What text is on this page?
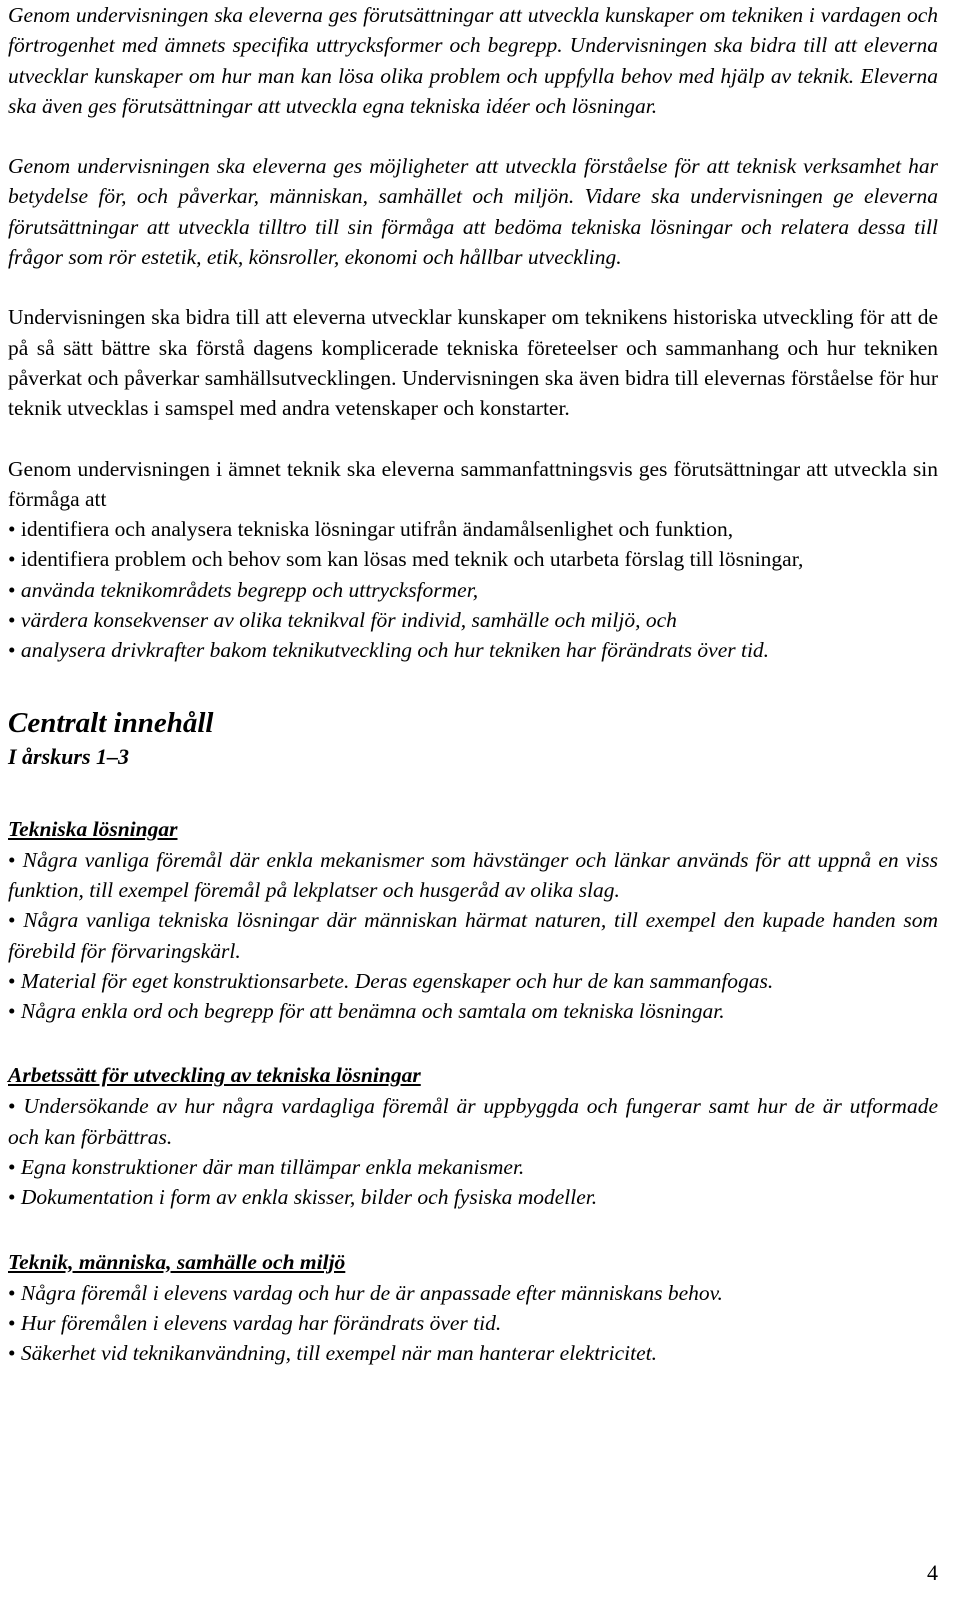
Genom undervisningen ska eleverna ges förutsättningar att utveckla kunskaper om tekniken i vardagen och förtrogenhet med ämnets specifika uttrycksformer och begrepp. Undervisningen ska bidra till att eleverna utvecklar kunskaper om hur man kan lösa olika problem och uppfylla behov med hjälp av teknik. Eleverna ska även ges förutsättningar att utveckla egna tekniska idéer och lösningar.

Genom undervisningen ska eleverna ges möjligheter att utveckla förståelse för att teknisk verksamhet har betydelse för, och påverkar, människan, samhället och miljön. Vidare ska undervisningen ge eleverna förutsättningar att utveckla tilltro till sin förmåga att bedöma tekniska lösningar och relatera dessa till frågor som rör estetik, etik, könsroller, ekonomi och hållbar utveckling.

Undervisningen ska bidra till att eleverna utvecklar kunskaper om teknikens historiska utveckling för att de på så sätt bättre ska förstå dagens komplicerade tekniska företeelser och sammanhang och hur tekniken påverkat och påverkar samhällsutvecklingen. Undervisningen ska även bidra till elevernas förståelse för hur teknik utvecklas i samspel med andra vetenskaper och konstarter.

Genom undervisningen i ämnet teknik ska eleverna sammanfattningsvis ges förutsättningar att utveckla sin förmåga att

• identifiera och analysera tekniska lösningar utifrån ändamålsenlighet och funktion,
• identifiera problem och behov som kan lösas med teknik och utarbeta förslag till lösningar,
• använda teknikområdets begrepp och uttrycksformer,
• värdera konsekvenser av olika teknikval för individ, samhälle och miljö, och
• analysera drivkrafter bakom teknikutveckling och hur tekniken har förändrats över tid.
Centralt innehåll
I årskurs 1–3
Tekniska lösningar
• Några vanliga föremål där enkla mekanismer som hävstänger och länkar används för att uppnå en viss funktion, till exempel föremål på lekplatser och husgeråd av olika slag.
• Några vanliga tekniska lösningar där människan härmat naturen, till exempel den kupade handen som förebild för förvaringskärl.
• Material för eget konstruktionsarbete. Deras egenskaper och hur de kan sammanfogas.
• Några enkla ord och begrepp för att benämna och samtala om tekniska lösningar.
Arbetssätt för utveckling av tekniska lösningar
• Undersökande av hur några vardagliga föremål är uppbyggda och fungerar samt hur de är utformade och kan förbättras.
• Egna konstruktioner där man tillämpar enkla mekanismer.
• Dokumentation i form av enkla skisser, bilder och fysiska modeller.
Teknik, människa, samhälle och miljö
• Några föremål i elevens vardag och hur de är anpassade efter människans behov.
• Hur föremålen i elevens vardag har förändrats över tid.
• Säkerhet vid teknikanvändning, till exempel när man hanterar elektricitet.
4
